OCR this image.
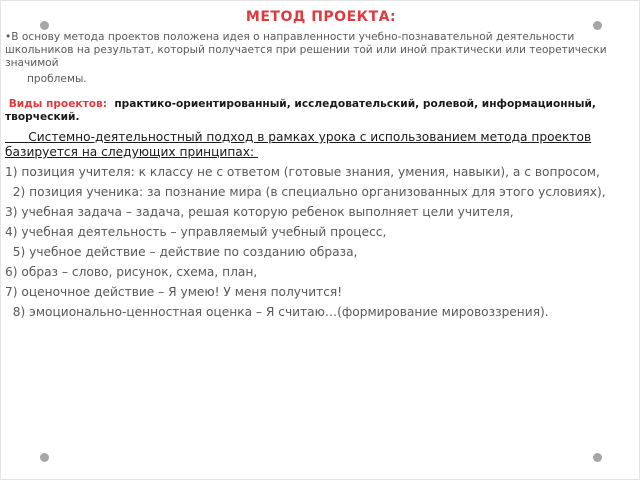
МЕТОД ПРОЕКТА:

•В основу метода проектов положена идея о направленности учебно-познавательной деятельности школьников на результат, который получается при решении той или иной практически или теоретически значимой

проблемы.

Виды проектов: практико-ориентированный, исследовательский, ролевой, информационный, творческий.

Системно-деятельностный подход в рамках урока с использованием метода проектов базируется на следующих принципах:

1) позиция учителя: к классу не с ответом (готовые знания, умения, навыки), а с вопросом,

2) позиция ученика: за познание мира (в специально организованных для этого условиях),

3) учебная задача – задача, решая которую ребенок выполняет цели учителя,

4) учебная деятельность – управляемый учебный процесс,

5) учебное действие – действие по созданию образа,

6) образ – слово, рисунок, схема, план,

7) оценочное действие – Я умею! У меня получится!

8) эмоционально-ценностная оценка – Я считаю…(формирование мировоззрения).
